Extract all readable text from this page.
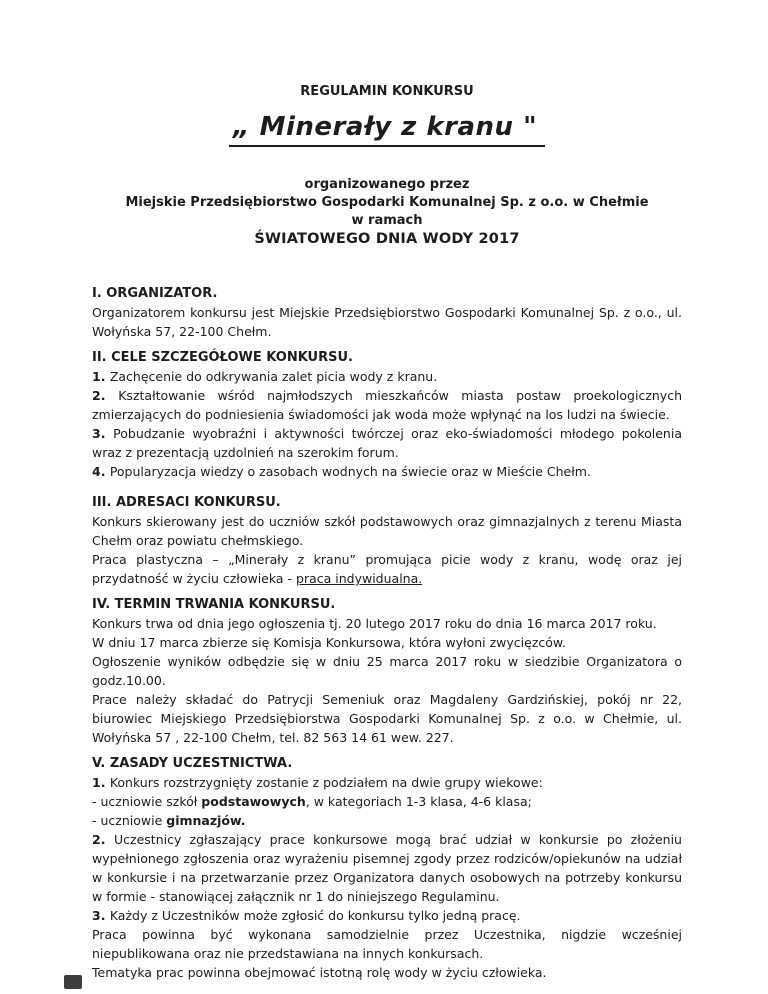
REGULAMIN KONKURSU
„ Minerały z kranu "
organizowanego przez
Miejskie Przedsiębiorstwo Gospodarki Komunalnej Sp. z o.o. w Chełmie
w ramach
ŚWIATOWEGO DNIA WODY 2017

I. ORGANIZATOR.

Organizatorem konkursu jest Miejskie Przedsiębiorstwo Gospodarki Komunalnej Sp. z o.o., ul. Wołyńska 57, 22-100 Chełm.

II. CELE SZCZEGÓŁOWE KONKURSU.

1. Zachęcenie do odkrywania zalet picia wody z kranu.

2. Kształtowanie wśród najmłodszych mieszkańców miasta postaw proekologicznych zmierzających do podniesienia świadomości jak woda może wpłynąć na los ludzi na świecie.

3. Pobudzanie wyobraźni i aktywności twórczej oraz eko-świadomości młodego pokolenia wraz z prezentacją uzdolnień na szerokim forum.

4. Popularyzacja wiedzy o zasobach wodnych na świecie oraz w Mieście Chełm.

III. ADRESACI KONKURSU.

Konkurs skierowany jest do uczniów szkół podstawowych oraz gimnazjalnych z terenu Miasta Chełm oraz powiatu chełmskiego.

Praca plastyczna – „Minerały z kranu” promująca picie wody z kranu, wodę oraz jej przydatność w życiu człowieka - praca indywidualna.

IV. TERMIN TRWANIA KONKURSU.

Konkurs trwa od dnia jego ogłoszenia tj. 20 lutego 2017 roku do dnia 16 marca 2017 roku.

W dniu 17 marca zbierze się Komisja Konkursowa, która wyłoni zwycięzców.

Ogłoszenie wyników odbędzie się w dniu 25 marca 2017 roku w siedzibie Organizatora o godz.10.00.

Prace należy składać do Patrycji Semeniuk oraz Magdaleny Gardzińskiej, pokój nr 22, biurowiec Miejskiego Przedsiębiorstwa Gospodarki Komunalnej Sp. z o.o. w Chełmie, ul. Wołyńska 57 , 22-100 Chełm, tel. 82 563 14 61 wew. 227.

V. ZASADY UCZESTNICTWA.

1. Konkurs rozstrzygnięty zostanie z podziałem na dwie grupy wiekowe:

- uczniowie szkół podstawowych, w kategoriach 1-3 klasa, 4-6 klasa;

- uczniowie gimnazjów.

2. Uczestnicy zgłaszający prace konkursowe mogą brać udział w konkursie po złożeniu wypełnionego zgłoszenia oraz wyrażeniu pisemnej zgody przez rodziców/opiekunów na udział w konkursie i na przetwarzanie przez Organizatora danych osobowych na potrzeby konkursu w formie - stanowiącej załącznik nr 1 do niniejszego Regulaminu.

3. Każdy z Uczestników może zgłosić do konkursu tylko jedną pracę.

Praca powinna być wykonana samodzielnie przez Uczestnika, nigdzie wcześniej niepublikowana oraz nie przedstawiana na innych konkursach.

Tematyka prac powinna obejmować istotną rolę wody w życiu człowieka.
